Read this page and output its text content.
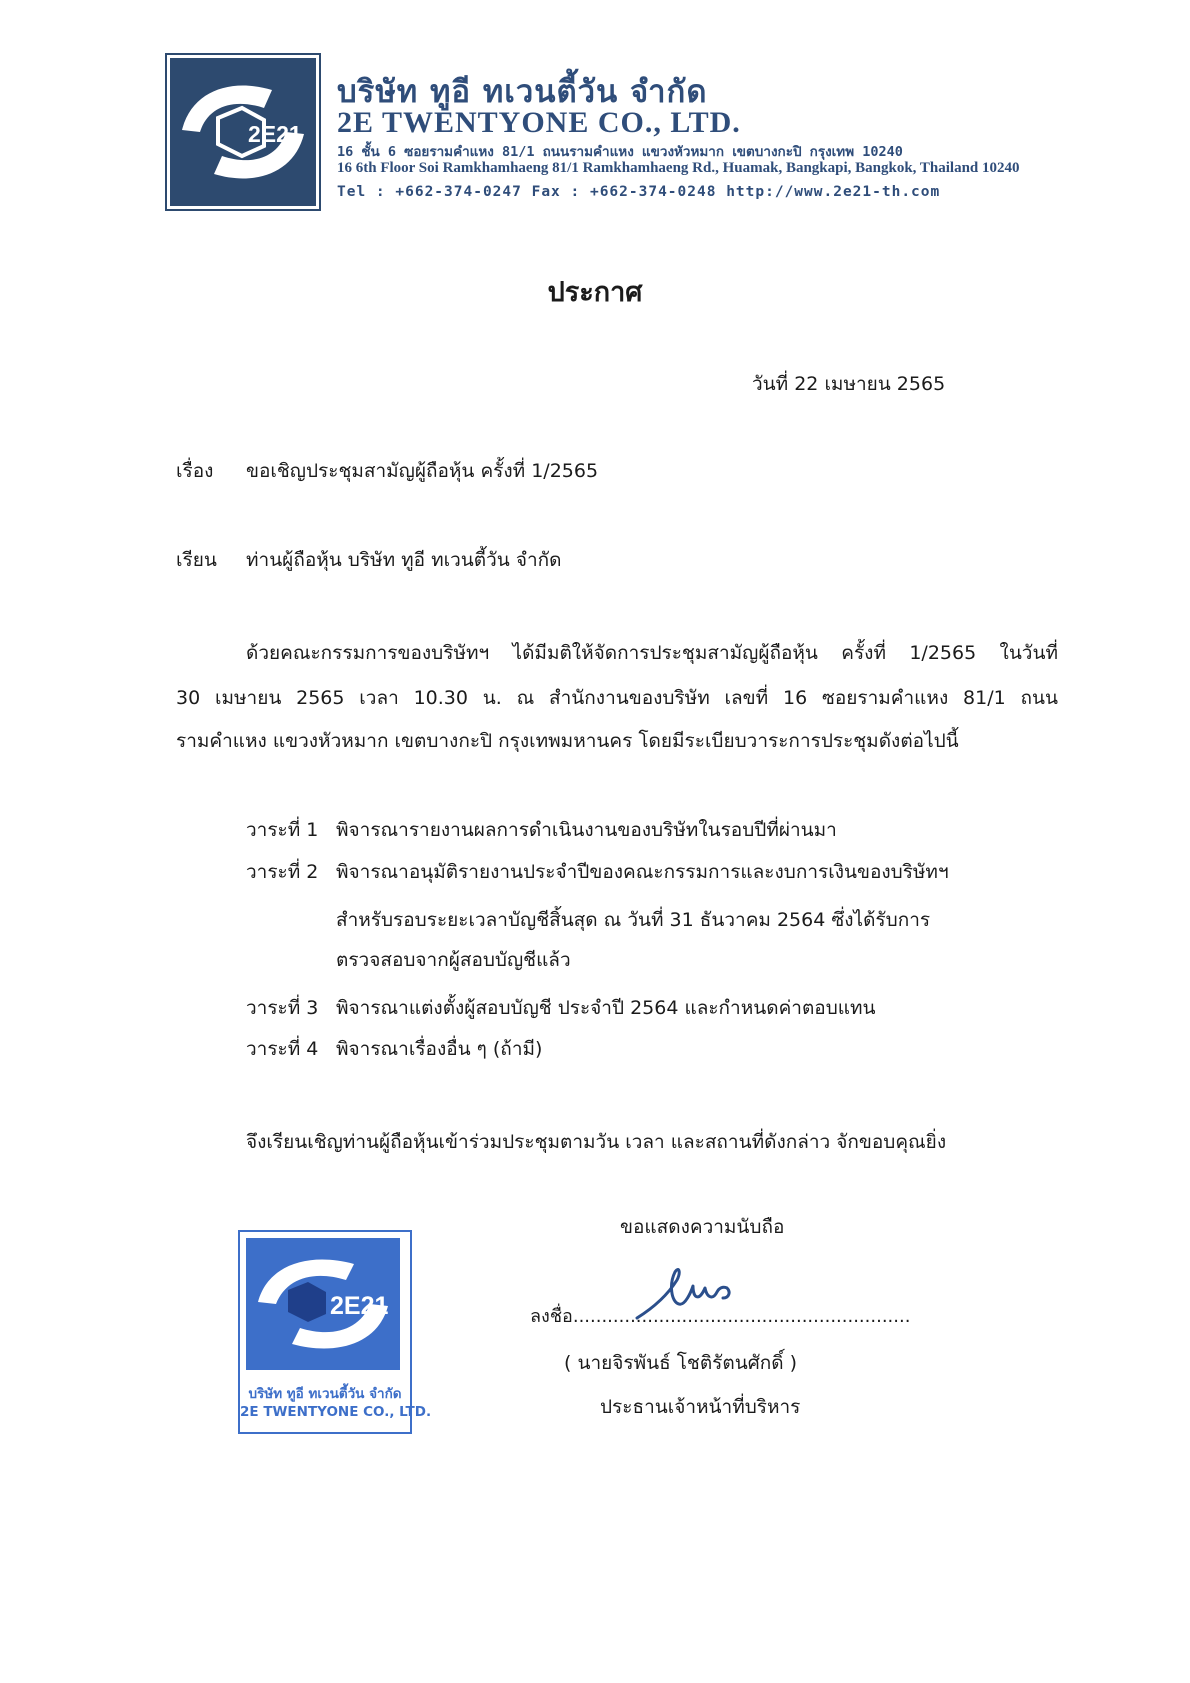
2E21
บริษัท ทูอี ทเวนตี้วัน จำกัด
2E TWENTYONE CO., LTD.
16 ชั้น 6 ซอยรามคำแหง 81/1 ถนนรามคำแหง แขวงหัวหมาก เขตบางกะปิ กรุงเทพ 10240
16 6th Floor Soi Ramkhamhaeng 81/1 Ramkhamhaeng Rd., Huamak, Bangkapi, Bangkok, Thailand 10240
Tel : +662-374-0247 Fax : +662-374-0248 http://www.2e21-th.com
ประกาศ
วันที่ 22 เมษายน 2565
เรื่อง ขอเชิญประชุมสามัญผู้ถือหุ้น ครั้งที่ 1/2565
เรียน ท่านผู้ถือหุ้น บริษัท ทูอี ทเวนตี้วัน จำกัด
ด้วยคณะกรรมการของบริษัทฯ ได้มีมติให้จัดการประชุมสามัญผู้ถือหุ้น ครั้งที่ 1/2565 ในวันที่
30 เมษายน 2565 เวลา 10.30 น. ณ สำนักงานของบริษัท เลขที่ 16 ซอยรามคำแหง 81/1 ถนน
รามคำแหง แขวงหัวหมาก เขตบางกะปิ กรุงเทพมหานคร โดยมีระเบียบวาระการประชุมดังต่อไปนี้
วาระที่ 1 พิจารณารายงานผลการดำเนินงานของบริษัทในรอบปีที่ผ่านมา
วาระที่ 2 พิจารณาอนุมัติรายงานประจำปีของคณะกรรมการและงบการเงินของบริษัทฯ
สำหรับรอบระยะเวลาบัญชีสิ้นสุด ณ วันที่ 31 ธันวาคม 2564 ซึ่งได้รับการ
ตรวจสอบจากผู้สอบบัญชีแล้ว
วาระที่ 3 พิจารณาแต่งตั้งผู้สอบบัญชี ประจำปี 2564 และกำหนดค่าตอบแทน
วาระที่ 4 พิจารณาเรื่องอื่น ๆ (ถ้ามี)
จึงเรียนเชิญท่านผู้ถือหุ้นเข้าร่วมประชุมตามวัน เวลา และสถานที่ดังกล่าว จักขอบคุณยิ่ง
2E21
บริษัท ทูอี ทเวนตี้วัน จำกัด
2E TWENTYONE CO., LTD.
ขอแสดงความนับถือ
ลงชื่อ...........................................................
( นายจิรพันธ์ โชติรัตนศักดิ์ )
ประธานเจ้าหน้าที่บริหาร
